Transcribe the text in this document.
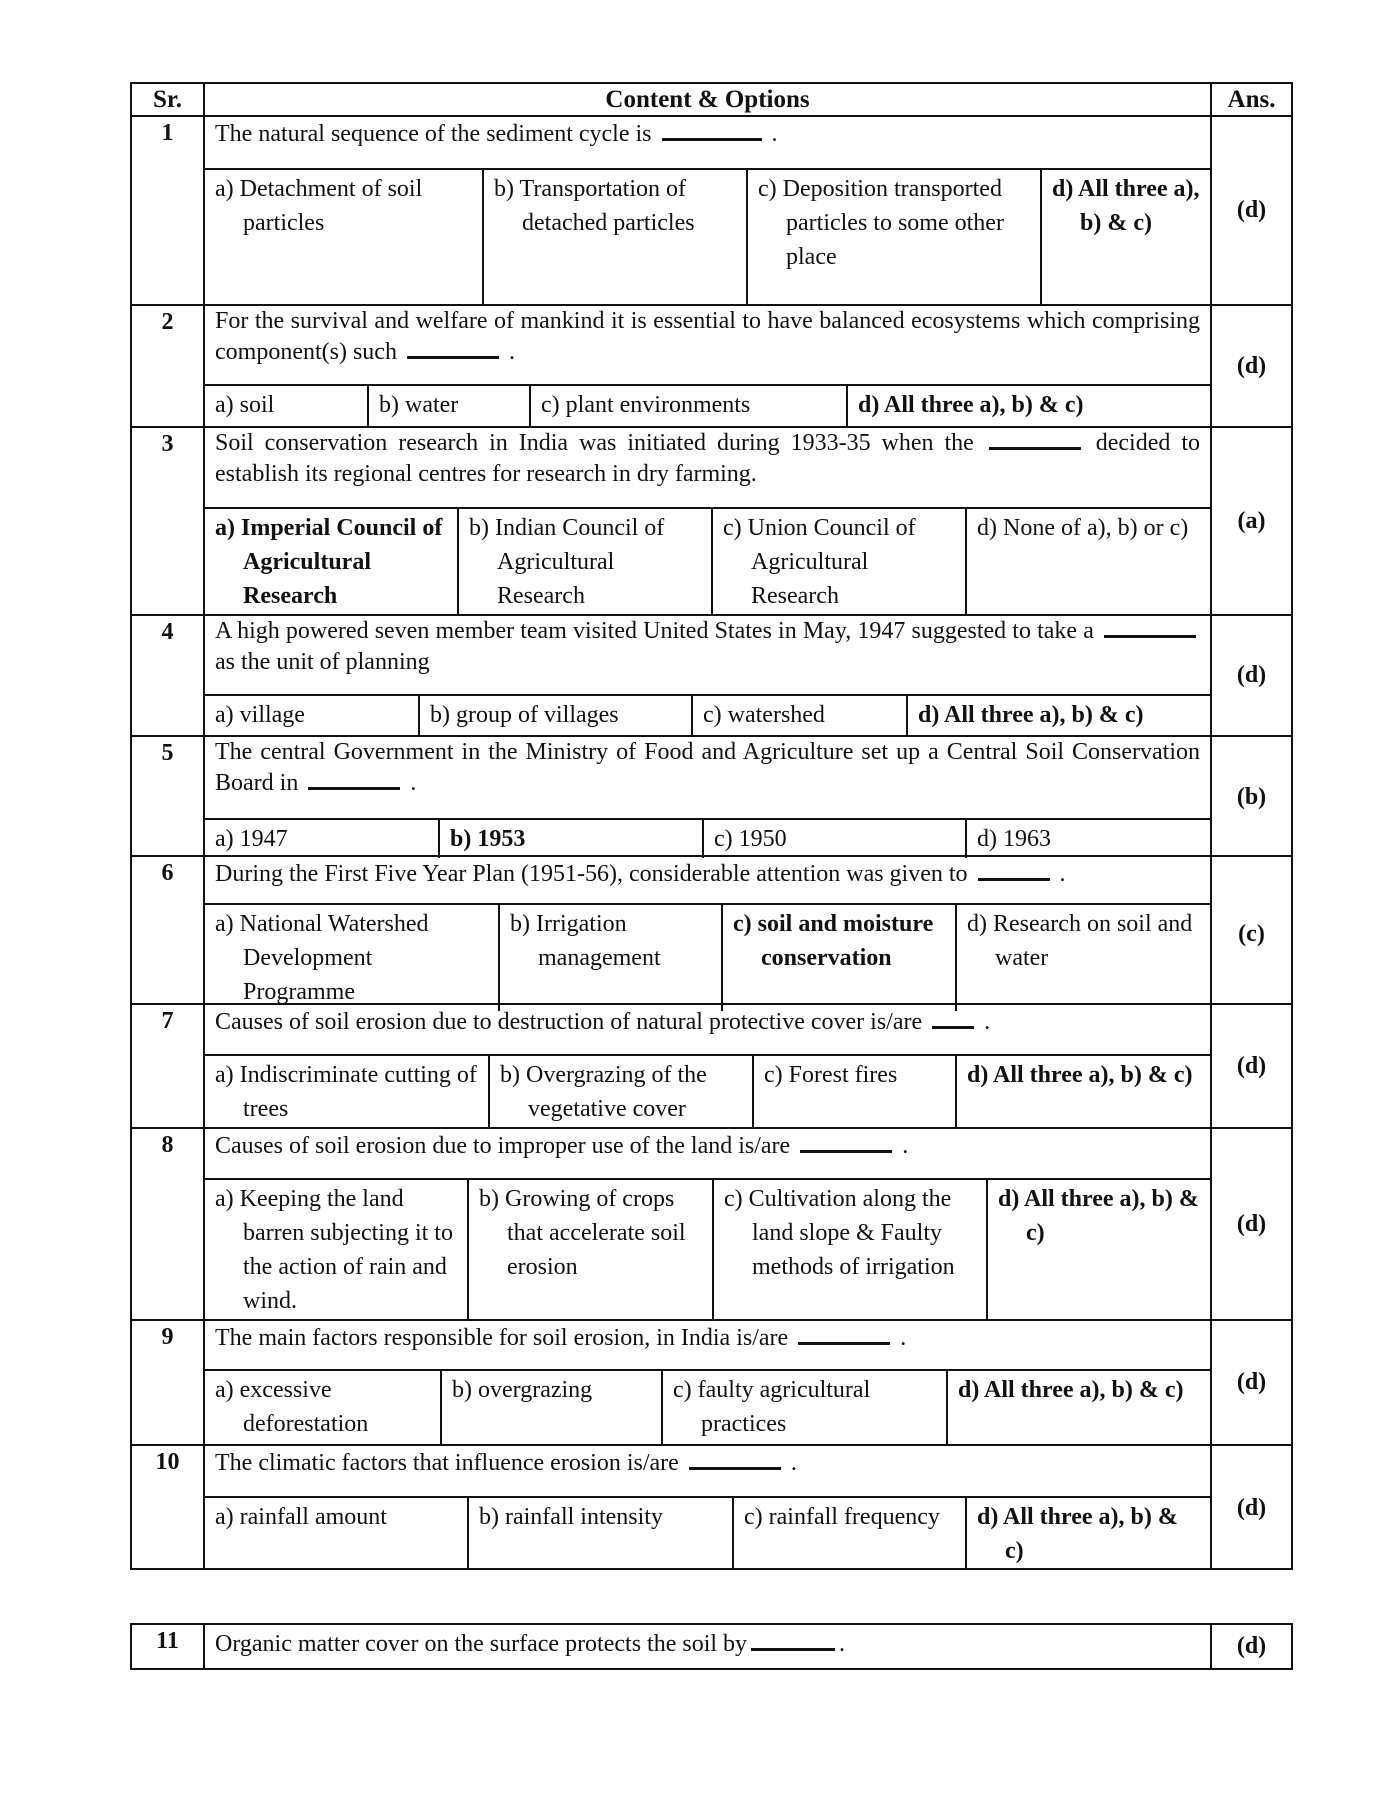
Sr.	Content & Options	Ans.
1	The natural sequence of the sediment cycle is	.
a) Detachment of soil particles
b) Transportation of detached particles
c) Deposition transported particles to some other place
d) All three a), b) & c)	(d)
2	For the survival and welfare of mankind it is essential to have balanced ecosystems which comprising component(s) such	.
a) soil	b) water	c) plant environments	d) All three a), b) & c)
(d)
3	Soil conservation research in India was initiated during 1933-35 when the	decided to establish its regional centres for research in dry farming.
a) Imperial Council of Agricultural Research
b) Indian Council of Agricultural Research
c) Union Council of Agricultural Research
d) None of a), b) or c)	(a)
4	A high powered seven member team visited United States in May, 1947 suggested to take a  as the unit of planning
a) village	b) group of villages	c) watershed	d) All three a), b) & c)
(d)
5	The central Government in the Ministry of Food and Agriculture set up a Central Soil Conservation Board in	.
a) 1947	b) 1953	c) 1950	d) 1963
(b)
6	During the First Five Year Plan (1951-56), considerable attention was given to	.
a) National Watershed Development Programme
b) Irrigation management
c) soil and moisture conservation
d) Research on soil and water
(c)
7	Causes of soil erosion due to destruction of natural protective cover is/are	.
a) Indiscriminate cutting of trees
b) Overgrazing of the vegetative cover
c) Forest fires	d) All three a), b) & c)	(d)
8	Causes of soil erosion due to improper use of the land is/are	.
a) Keeping the land barren subjecting it to the action of rain and wind.
b) Growing of crops that accelerate soil erosion
c) Cultivation along the land slope & Faulty methods of irrigation
d) All three a), b) & c)	(d)
9	The main factors responsible for soil erosion, in India is/are	.
a) excessive deforestation
b) overgrazing	c) faulty agricultural practices
d) All three a), b) & c)	(d)
10	The climatic factors that influence erosion is/are	.
a) rainfall amount	b) rainfall intensity	c) rainfall frequency	d) All three a), b) & c)
(d)
11	Organic matter cover on the surface protects the soil by	.	(d)
